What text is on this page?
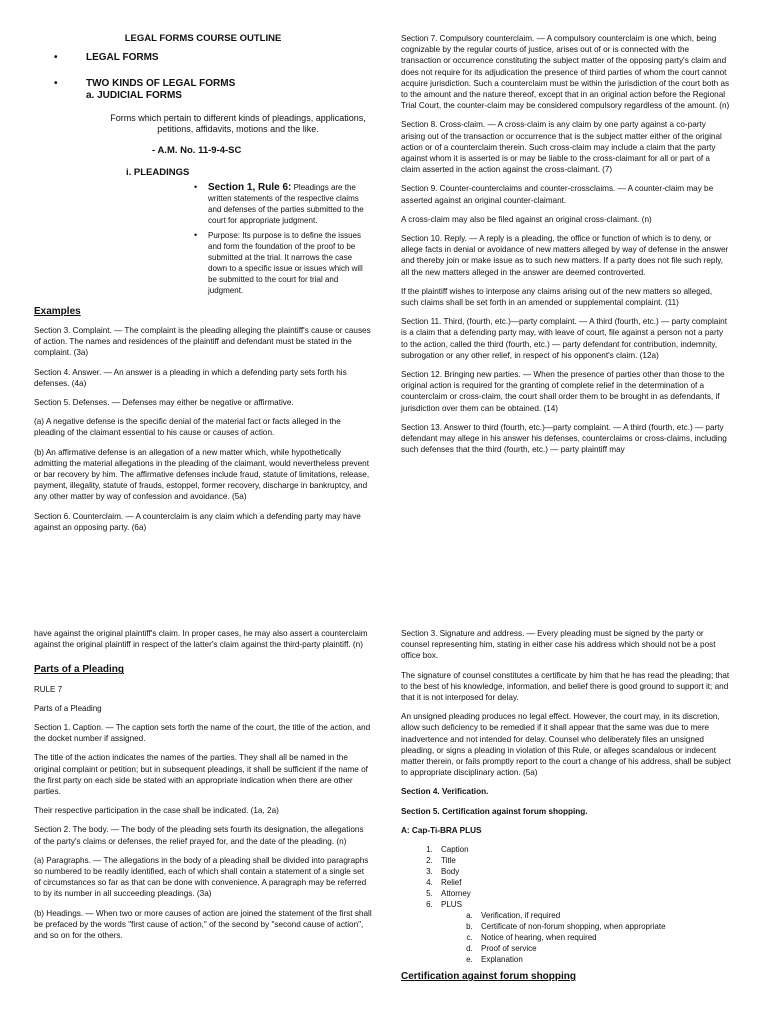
LEGAL FORMS COURSE OUTLINE
• LEGAL FORMS
• TWO KINDS OF LEGAL FORMS
a. JUDICIAL FORMS
Forms which pertain to different kinds of pleadings, applications, petitions, affidavits, motions and the like.
- A.M. No. 11-9-4-SC
i. PLEADINGS
• Section 1, Rule 6: Pleadings are the written statements of the respective claims and defenses of the parties submitted to the court for appropriate judgment.
• Purpose: Its purpose is to define the issues and form the foundation of the proof to be submitted at the trial. It narrows the case down to a specific issue or issues which will be submitted to the court for trial and judgment.
Examples

Section 3. Complaint. — The complaint is the pleading alleging the plaintiff's cause or causes of action. The names and residences of the plaintiff and defendant must be stated in the complaint. (3a)

Section 4. Answer. — An answer is a pleading in which a defending party sets forth his defenses. (4a)

Section 5. Defenses. — Defenses may either be negative or affirmative.

(a) A negative defense is the specific denial of the material fact or facts alleged in the pleading of the claimant essential to his cause or causes of action.

(b) An affirmative defense is an allegation of a new matter which, while hypothetically admitting the material allegations in the pleading of the claimant, would nevertheless prevent or bar recovery by him. The affirmative defenses include fraud, statute of limitations, release, payment, illegality, statute of frauds, estoppel, former recovery, discharge in bankruptcy, and any other matter by way of confession and avoidance. (5a)

Section 6. Counterclaim. — A counterclaim is any claim which a defending party may have against an opposing party. (6a)

Section 7. Compulsory counterclaim. — A compulsory counterclaim is one which, being cognizable by the regular courts of justice, arises out of or is connected with the transaction or occurrence constituting the subject matter of the opposing party's claim and does not require for its adjudication the presence of third parties of whom the court cannot acquire jurisdiction. Such a counterclaim must be within the jurisdiction of the court both as to the amount and the nature thereof, except that in an original action before the Regional Trial Court, the counter-claim may be considered compulsory regardless of the amount. (n)

Section 8. Cross-claim. — A cross-claim is any claim by one party against a co-party arising out of the transaction or occurrence that is the subject matter either of the original action or of a counterclaim therein. Such cross-claim may include a claim that the party against whom it is asserted is or may be liable to the cross-claimant for all or part of a claim asserted in the action against the cross-claimant. (7)

Section 9. Counter-counterclaims and counter-crossclaims. — A counter-claim may be asserted against an original counter-claimant.

A cross-claim may also be filed against an original cross-claimant. (n)

Section 10. Reply. — A reply is a pleading, the office or function of which is to deny, or allege facts in denial or avoidance of new matters alleged by way of defense in the answer and thereby join or make issue as to such new matters. If a party does not file such reply, all the new matters alleged in the answer are deemed controverted.

If the plaintiff wishes to interpose any claims arising out of the new matters so alleged, such claims shall be set forth in an amended or supplemental complaint. (11)

Section 11. Third, (fourth, etc.)—party complaint. — A third (fourth, etc.) — party complaint is a claim that a defending party may, with leave of court, file against a person not a party to the action, called the third (fourth, etc.) — party defendant for contribution, indemnity, subrogation or any other relief, in respect of his opponent's claim. (12a)

Section 12. Bringing new parties. — When the presence of parties other than those to the original action is required for the granting of complete relief in the determination of a counterclaim or cross-claim, the court shall order them to be brought in as defendants, if jurisdiction over them can be obtained. (14)

Section 13. Answer to third (fourth, etc.)—party complaint. — A third (fourth, etc.) — party defendant may allege in his answer his defenses, counterclaims or cross-claims, including such defenses that the third (fourth, etc.) — party plaintiff may

have against the original plaintiff's claim. In proper cases, he may also assert a counterclaim against the original plaintiff in respect of the latter's claim against the third-party plaintiff. (n)

Parts of a Pleading
RULE 7
Parts of a Pleading

Section 1. Caption. — The caption sets forth the name of the court, the title of the action, and the docket number if assigned.

The title of the action indicates the names of the parties. They shall all be named in the original complaint or petition; but in subsequent pleadings, it shall be sufficient if the name of the first party on each side be stated with an appropriate indication when there are other parties.

Their respective participation in the case shall be indicated. (1a, 2a)

Section 2. The body. — The body of the pleading sets fourth its designation, the allegations of the party's claims or defenses, the relief prayed for, and the date of the pleading. (n)

(a) Paragraphs. — The allegations in the body of a pleading shall be divided into paragraphs so numbered to be readily identified, each of which shall contain a statement of a single set of circumstances so far as that can be done with convenience. A paragraph may be referred to by its number in all succeeding pleadings. (3a)

(b) Headings. — When two or more causes of action are joined the statement of the first shall be prefaced by the words "first cause of action," of the second by "second cause of action", and so on for the others.

Section 3. Signature and address. — Every pleading must be signed by the party or counsel representing him, stating in either case his address which should not be a post office box.

The signature of counsel constitutes a certificate by him that he has read the pleading; that to the best of his knowledge, information, and belief there is good ground to support it; and that it is not interposed for delay.

An unsigned pleading produces no legal effect. However, the court may, in its discretion, allow such deficiency to be remedied if it shall appear that the same was due to mere inadvertence and not intended for delay. Counsel who deliberately files an unsigned pleading, or signs a pleading in violation of this Rule, or alleges scandalous or indecent matter therein, or fails promptly report to the court a change of his address, shall be subject to appropriate disciplinary action. (5a)

Section 4. Verification.

Section 5. Certification against forum shopping.

A: Cap-Ti-BRA PLUS

1. Caption
2. Title
3. Body
4. Relief
5. Attorney
6. PLUS
a. Verification, if required
b. Certificate of non-forum shopping, when appropriate
c. Notice of hearing, when required
d. Proof of service
e. Explanation
Certification against forum shopping
